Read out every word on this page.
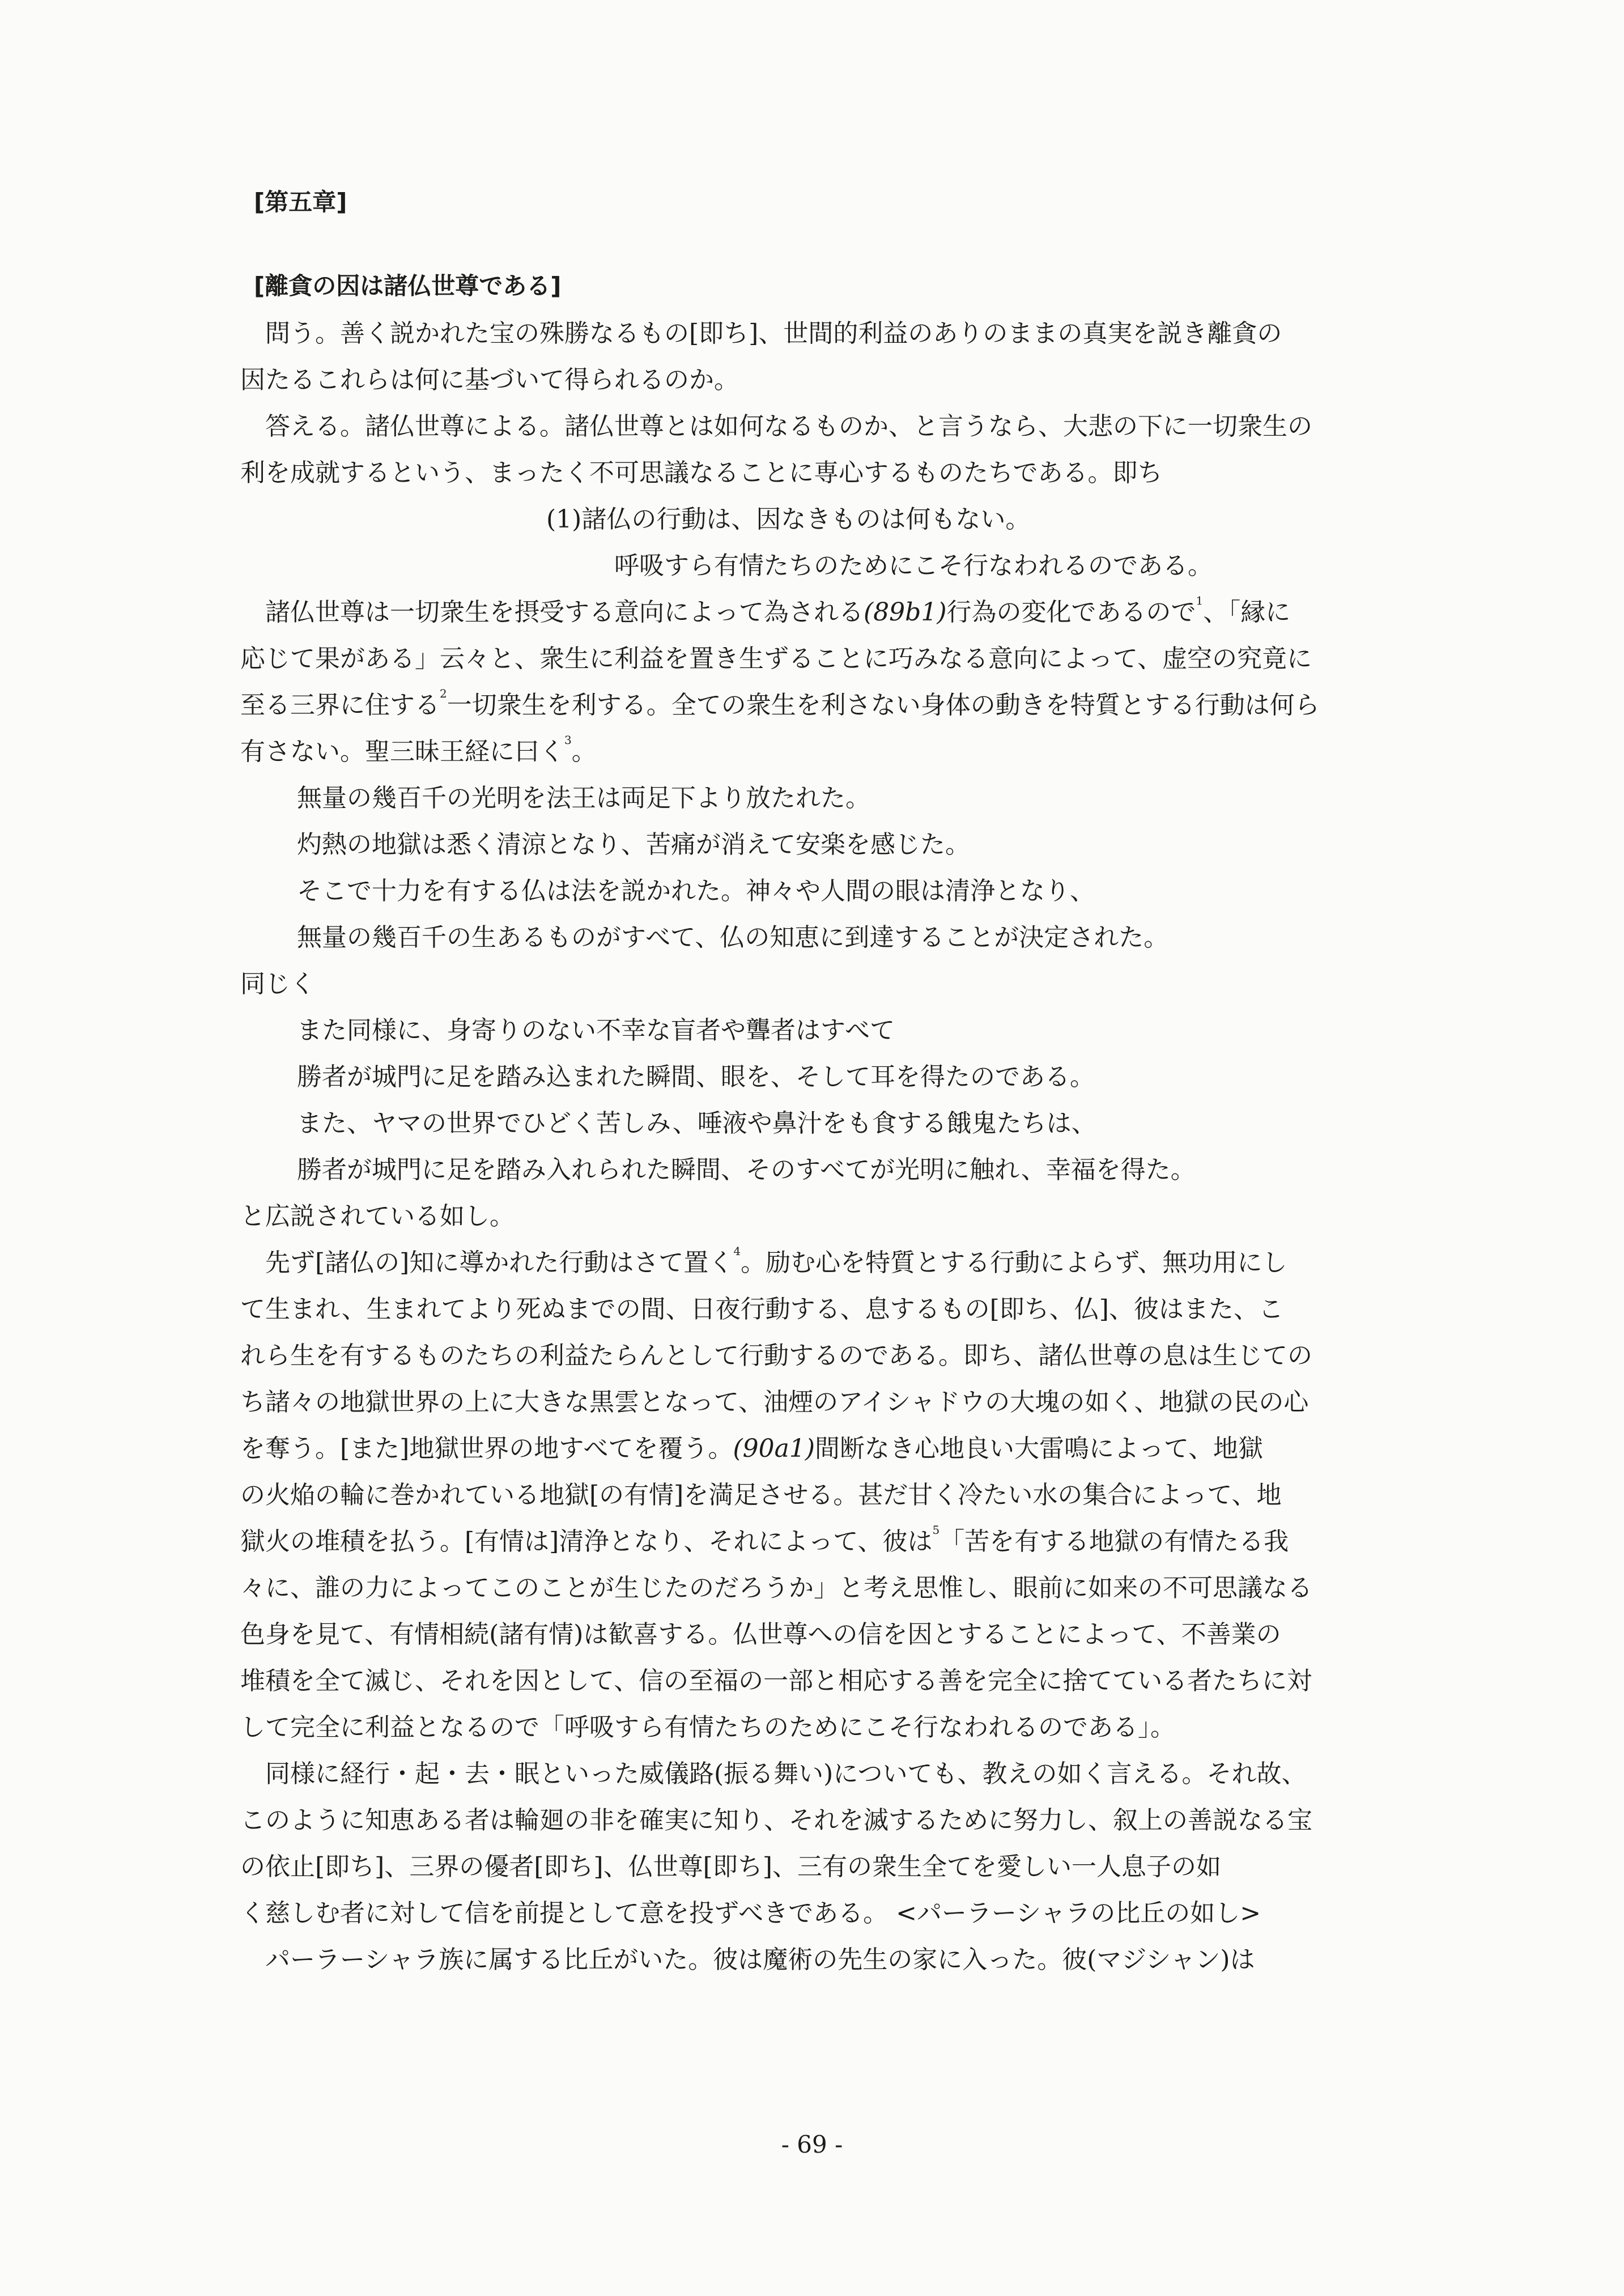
[第五章]
[離貪の因は諸仏世尊である]
問う。善く説かれた宝の殊勝なるもの[即ち]、世間的利益のありのままの真実を説き離貪の
因たるこれらは何に基づいて得られるのか。
答える。諸仏世尊による。諸仏世尊とは如何なるものか、と言うなら、大悲の下に一切衆生の
利を成就するという、まったく不可思議なることに専心するものたちである。即ち
(1)諸仏の行動は、因なきものは何もない。
呼吸すら有情たちのためにこそ行なわれるのである。
諸仏世尊は一切衆生を摂受する意向によって為される(89b1)行為の変化であるので$^1$、「縁に
応じて果がある」云々と、衆生に利益を置き生ずることに巧みなる意向によって、虚空の究竟に
至る三界に住する$^2$一切衆生を利する。全ての衆生を利さない身体の動きを特質とする行動は何ら
有さない。聖三昧王経に曰く$^3$。
無量の幾百千の光明を法王は両足下より放たれた。
灼熱の地獄は悉く清涼となり、苦痛が消えて安楽を感じた。
そこで十力を有する仏は法を説かれた。神々や人間の眼は清浄となり、
無量の幾百千の生あるものがすべて、仏の知恵に到達することが決定された。
同じく
また同様に、身寄りのない不幸な盲者や聾者はすべて
勝者が城門に足を踏み込まれた瞬間、眼を、そして耳を得たのである。
また、ヤマの世界でひどく苦しみ、唾液や鼻汁をも食する餓鬼たちは、
勝者が城門に足を踏み入れられた瞬間、そのすべてが光明に触れ、幸福を得た。
と広説されている如し。
先ず[諸仏の]知に導かれた行動はさて置く$^4$。励む心を特質とする行動によらず、無功用にし
て生まれ、生まれてより死ぬまでの間、日夜行動する、息するもの[即ち、仏]、彼はまた、こ
れら生を有するものたちの利益たらんとして行動するのである。即ち、諸仏世尊の息は生じての
ち諸々の地獄世界の上に大きな黒雲となって、油煙のアイシャドウの大塊の如く、地獄の民の心
を奪う。[また]地獄世界の地すべてを覆う。(90a1)間断なき心地良い大雷鳴によって、地獄
の火焔の輪に巻かれている地獄[の有情]を満足させる。甚だ甘く冷たい水の集合によって、地
獄火の堆積を払う。[有情は]清浄となり、それによって、彼は$^5$「苦を有する地獄の有情たる我
々に、誰の力によってこのことが生じたのだろうか」と考え思惟し、眼前に如来の不可思議なる
色身を見て、有情相続(諸有情)は歓喜する。仏世尊への信を因とすることによって、不善業の
堆積を全て滅じ、それを因として、信の至福の一部と相応する善を完全に捨てている者たちに対
して完全に利益となるので「呼吸すら有情たちのためにこそ行なわれるのである」。
同様に経行・起・去・眠といった威儀路(振る舞い)についても、教えの如く言える。それ故、
このように知恵ある者は輪廻の非を確実に知り、それを滅するために努力し、叙上の善説なる宝
の依止[即ち]、三界の優者[即ち]、仏世尊[即ち]、三有の衆生全てを愛しい一人息子の如
く慈しむ者に対して信を前提として意を投ずべきである。 <パーラーシャラの比丘の如し>
パーラーシャラ族に属する比丘がいた。彼は魔術の先生の家に入った。彼(マジシャン)は
- 69 -
